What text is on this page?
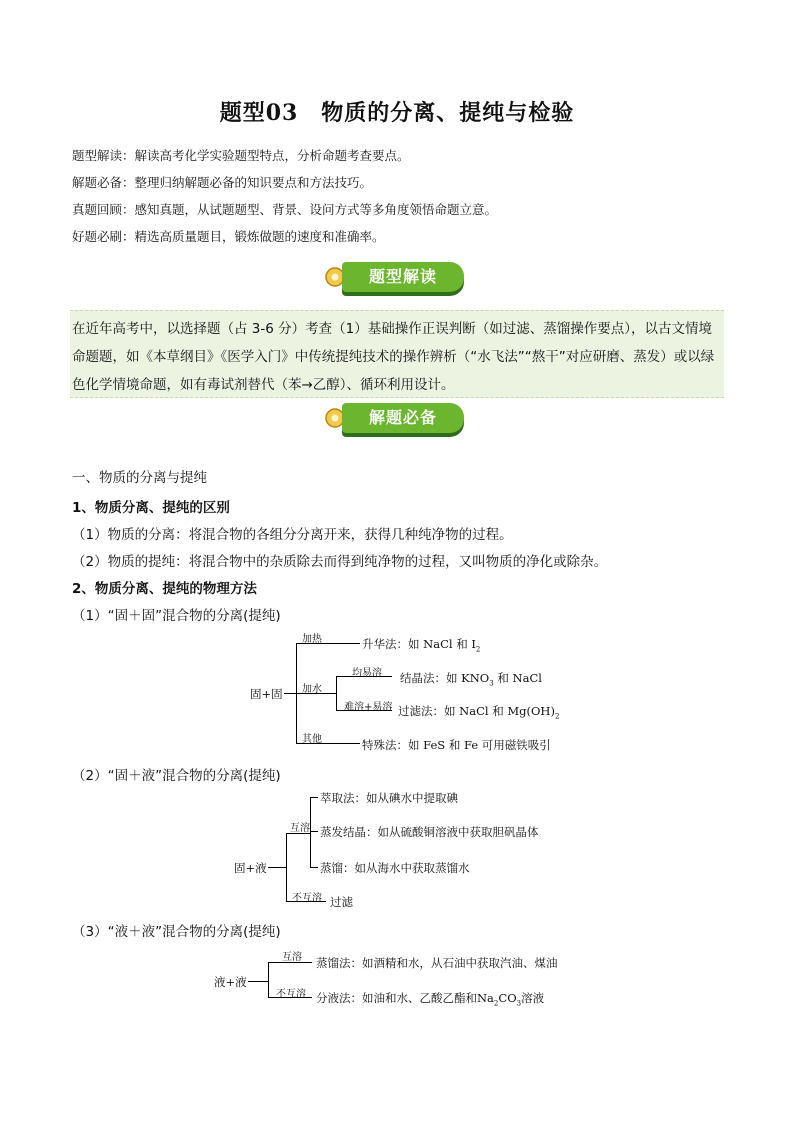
题型03　物质的分离、提纯与检验
题型解读：解读高考化学实验题型特点，分析命题考查要点。
解题必备：整理归纳解题必备的知识要点和方法技巧。
真题回顾：感知真题，从试题题型、背景、设问方式等多角度领悟命题立意。
好题必刷：精选高质量题目，锻炼做题的速度和准确率。
题型解读

在近年高考中，以选择题（占 3-6 分）考查（1）基础操作正误判断（如过滤、蒸馏操作要点），以古文情境命题题，如《本草纲目》《医学入门》中传统提纯技术的操作辨析（“水飞法”“熬干”对应研磨、蒸发）或以绿色化学情境命题，如有毒试剂替代（苯→乙醇）、循环利用设计。

解题必备
一、物质的分离与提纯
1、物质分离、提纯的区别
（1）物质的分离：将混合物的各组分分离开来，获得几种纯净物的过程。
（2）物质的提纯：将混合物中的杂质除去而得到纯净物的过程，又叫物质的净化或除杂。
2、物质分离、提纯的物理方法
（1）“固＋固”混合物的分离(提纯)
固+固
加热
加水
其他
升华法：如 NaCl 和 $I_2$
均易溶
难溶+易溶
结晶法：如 $KNO_3$ 和 NaCl
过滤法：如 NaCl 和 $Mg(OH)_2$
特殊法：如 FeS 和 Fe 可用磁铁吸引
（2）“固＋液”混合物的分离(提纯)
固+液
互溶
不互溶
萃取法：如从碘水中提取碘
蒸发结晶：如从硫酸铜溶液中获取胆矾晶体
蒸馏：如从海水中获取蒸馏水
过滤
（3）“液＋液”混合物的分离(提纯)
液+液
互溶
不互溶
蒸馏法：如酒精和水，从石油中获取汽油、煤油
分液法：如油和水、乙酸乙酯和$Na_2CO_3$溶液
